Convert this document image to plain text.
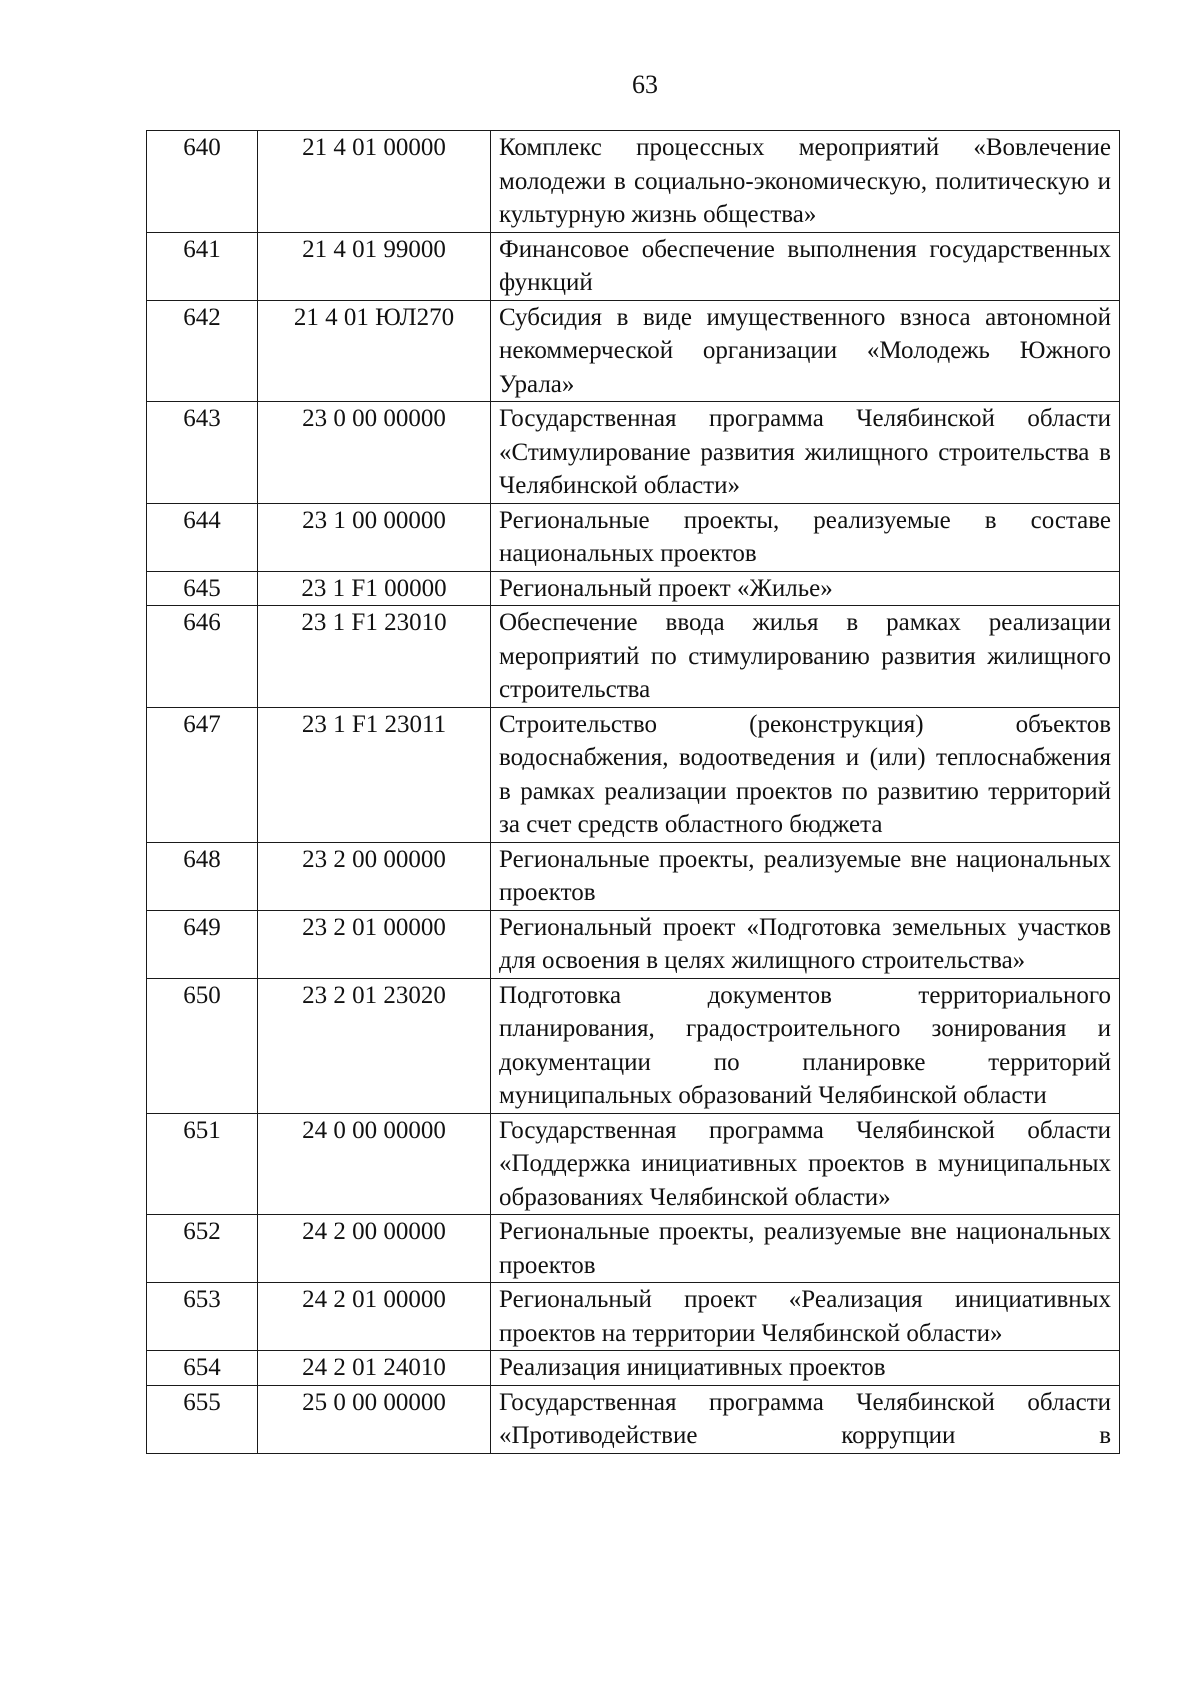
63
640	21 4 01 00000	Комплекс процессных мероприятий «Вовлечение молодежи в социально-экономическую, политическую и культурную жизнь общества»
641	21 4 01 99000	Финансовое обеспечение выполнения государственных функций
642	21 4 01 ЮЛ270	Субсидия в виде имущественного взноса автономной некоммерческой организации «Молодежь Южного Урала»
643	23 0 00 00000	Государственная программа Челябинской области «Стимулирование развития жилищного строительства в Челябинской области»
644	23 1 00 00000	Региональные проекты, реализуемые в составе национальных проектов
645	23 1 F1 00000	Региональный проект «Жилье»
646	23 1 F1 23010	Обеспечение ввода жилья в рамках реализации мероприятий по стимулированию развития жилищного строительства
647	23 1 F1 23011	Строительство (реконструкция) объектов водоснабжения, водоотведения и (или) теплоснабжения в рамках реализации проектов по развитию территорий за счет средств областного бюджета
648	23 2 00 00000	Региональные проекты, реализуемые вне национальных проектов
649	23 2 01 00000	Региональный проект «Подготовка земельных участков для освоения в целях жилищного строительства»
650	23 2 01 23020	Подготовка документов территориального планирования, градостроительного зонирования и документации по планировке территорий муниципальных образований Челябинской области
651	24 0 00 00000	Государственная программа Челябинской области «Поддержка инициативных проектов в муниципальных образованиях Челябинской области»
652	24 2 00 00000	Региональные проекты, реализуемые вне национальных проектов
653	24 2 01 00000	Региональный проект «Реализация инициативных проектов на территории Челябинской области»
654	24 2 01 24010	Реализация инициативных проектов
655	25 0 00 00000	Государственная программа Челябинской области «Противодействие коррупции в
